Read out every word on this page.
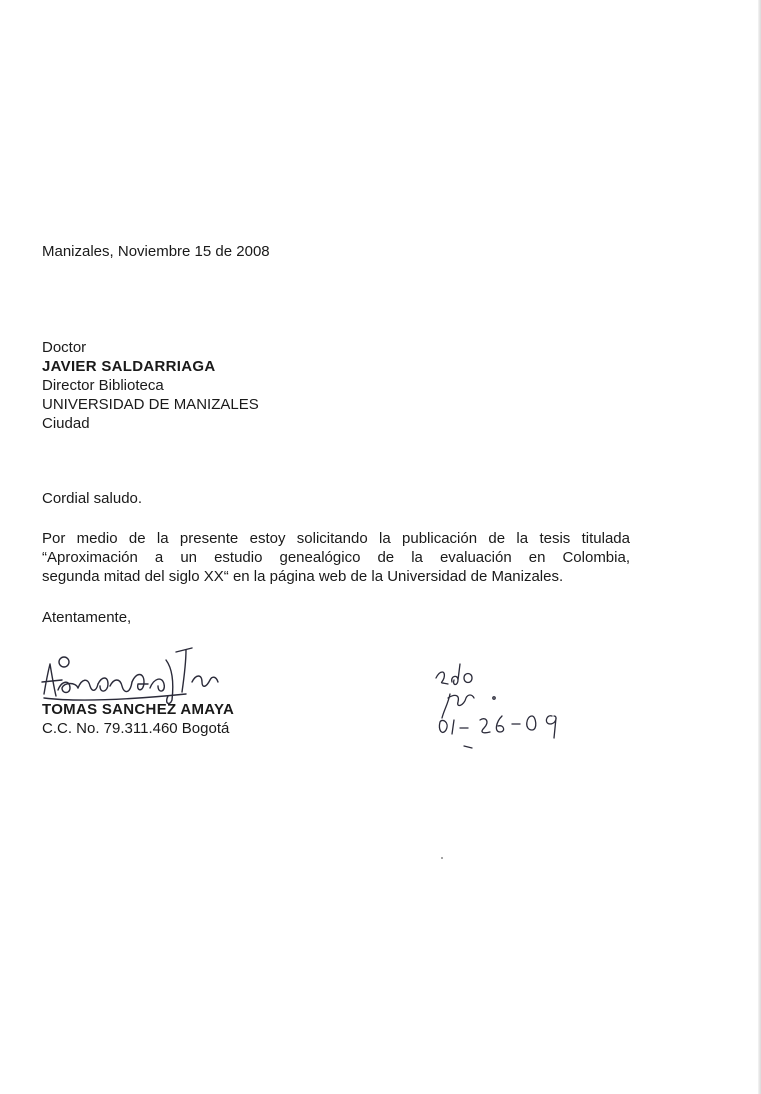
Manizales, Noviembre 15 de 2008
Doctor
JAVIER SALDARRIAGA
Director Biblioteca
UNIVERSIDAD DE MANIZALES
Ciudad
Cordial saludo.
Por medio de la presente estoy solicitando la publicación de la tesis titulada
“Aproximación a un estudio genealógico de la evaluación en Colombia,
segunda mitad del siglo XX“ en la página web de la Universidad de Manizales.
Atentamente,
TOMAS SANCHEZ AMAYA
C.C. No. 79.311.460 Bogotá
